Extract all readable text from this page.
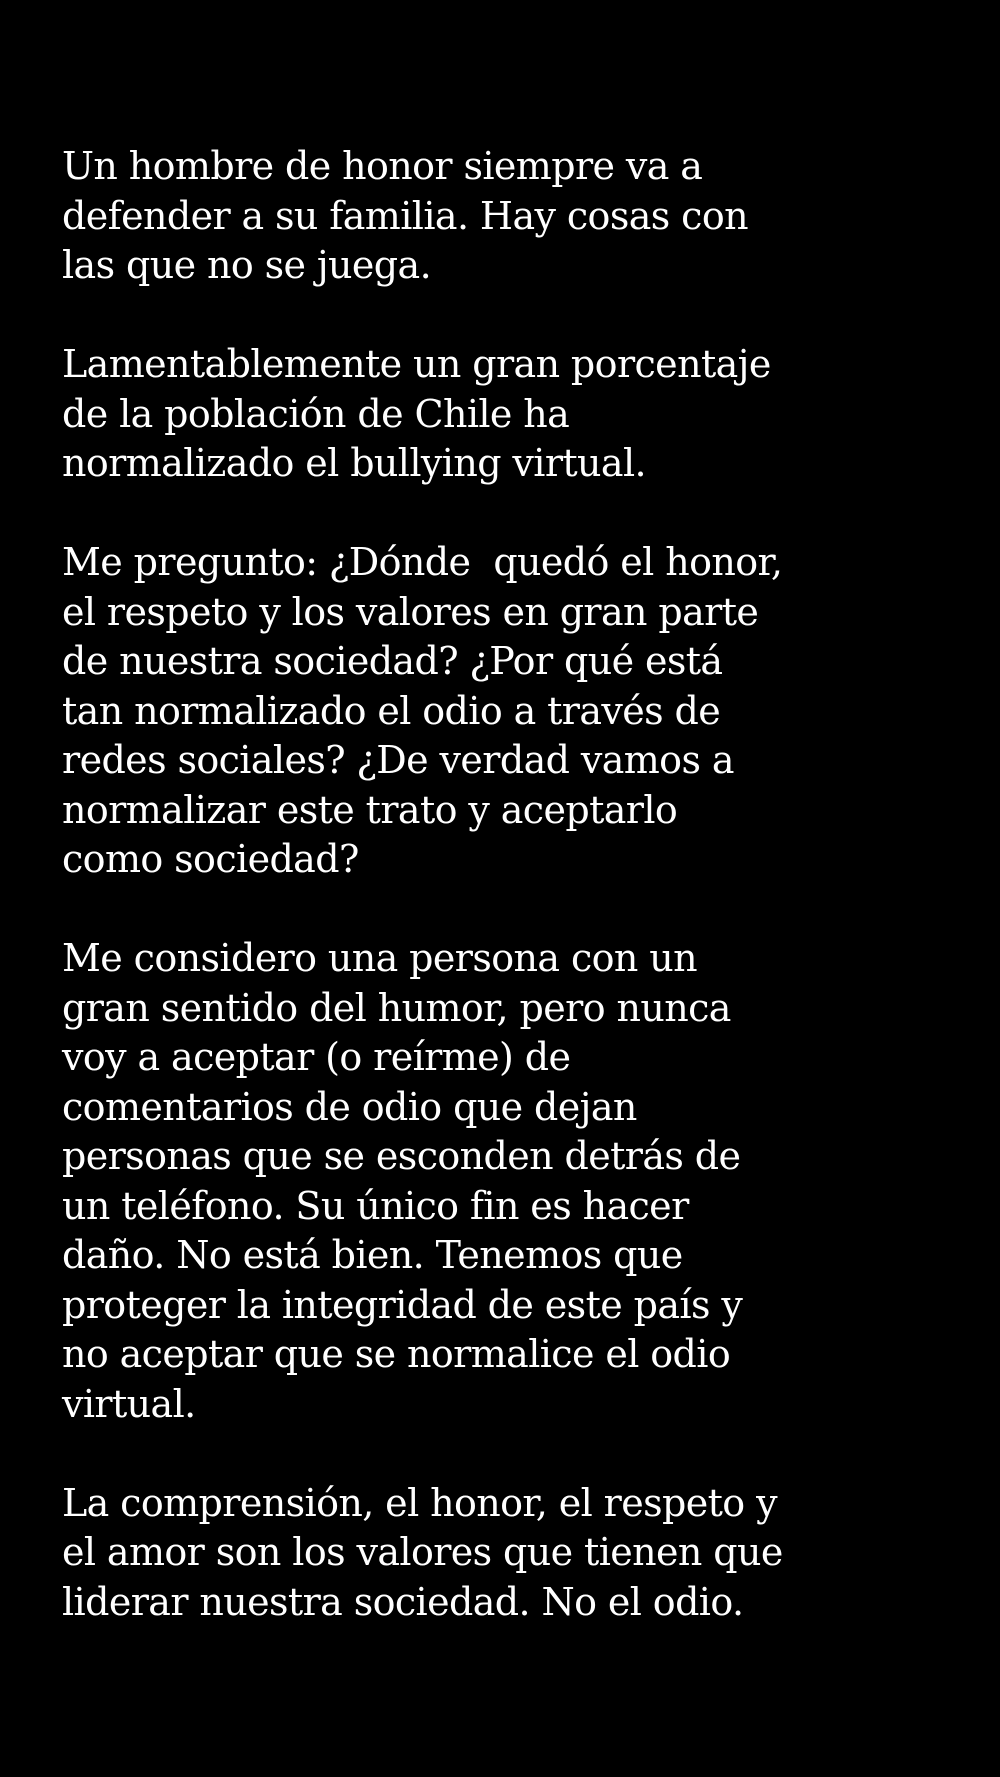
Un hombre de honor siempre va a
defender a su familia. Hay cosas con
las que no se juega.

Lamentablemente un gran porcentaje
de la población de Chile ha
normalizado el bullying virtual.

Me pregunto: ¿Dónde  quedó el honor,
el respeto y los valores en gran parte
de nuestra sociedad? ¿Por qué está
tan normalizado el odio a través de
redes sociales? ¿De verdad vamos a
normalizar este trato y aceptarlo
como sociedad?

Me considero una persona con un
gran sentido del humor, pero nunca
voy a aceptar (o reírme) de
comentarios de odio que dejan
personas que se esconden detrás de
un teléfono. Su único fin es hacer
daño. No está bien. Tenemos que
proteger la integridad de este país y
no aceptar que se normalice el odio
virtual.

La comprensión, el honor, el respeto y
el amor son los valores que tienen que
liderar nuestra sociedad. No el odio.
